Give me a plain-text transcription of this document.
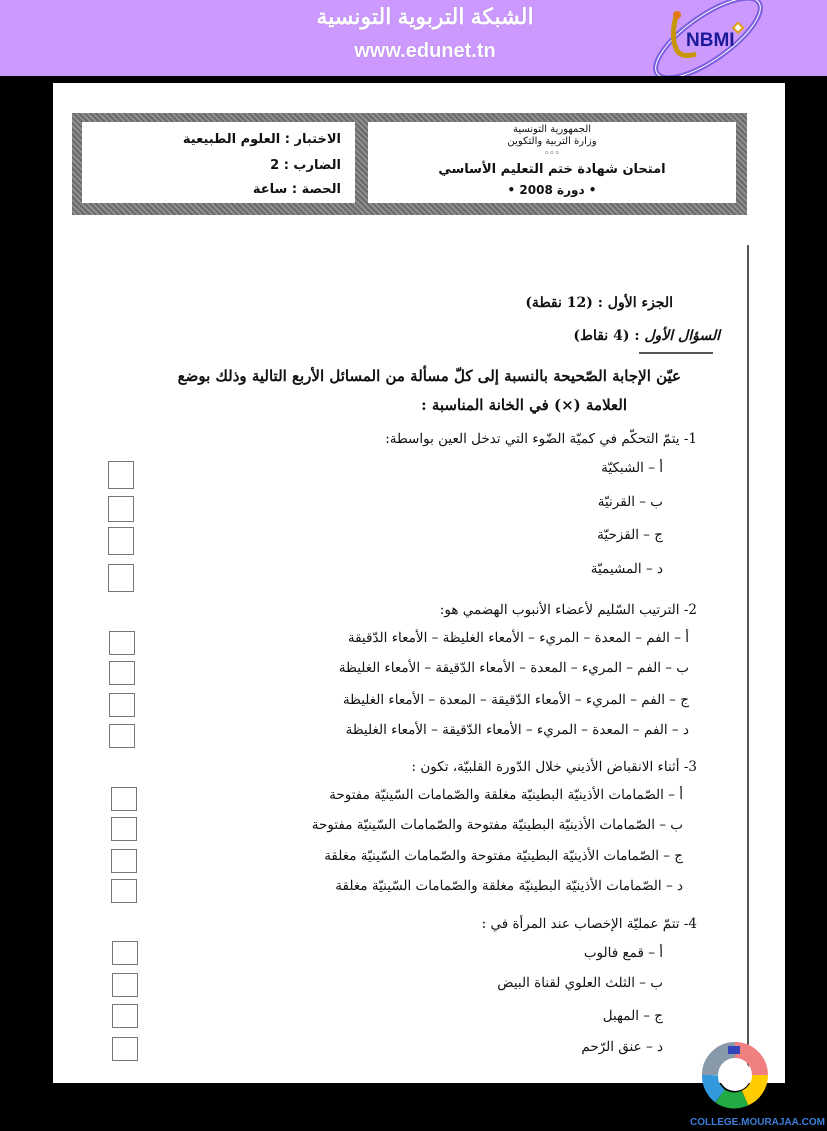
الشبكة التربوية التونسية
www.edunet.tn	NBMI
الاختبار : العلوم الطبيعية
الضارب : 2
الحصة : ساعة
الجمهورية التونسية
وزارة التربية والتكوين
◦◦◦
امتحان شهادة ختم التعليم الأساسي
• دورة 2008 •
الجزء الأول : (12 نقطة)
السؤال الأول : (4 نقاط)
عيّن الإجابة الصّحيحة بالنسبة إلى كلّ مسألة من المسائل الأربع التالية وذلك بوضع
العلامة (×) في الخانة المناسبة :
1- يتمّ التحكّم في كميّة الضّوء التي تدخل العين بواسطة:
أ – الشبكيّة
ب – القرنيّة
ج – القزحيّة
د – المشيميّة
2- الترتيب السّليم لأعضاء الأنبوب الهضمي هو:
أ – الفم – المعدة – المريء – الأمعاء الغليظة – الأمعاء الدّقيقة
ب – الفم – المريء – المعدة – الأمعاء الدّقيقة – الأمعاء الغليظة
ج – الفم – المريء – الأمعاء الدّقيقة – المعدة – الأمعاء الغليظة
د – الفم – المعدة – المريء – الأمعاء الدّقيقة – الأمعاء الغليظة
3- أثناء الانقباض الأذيني خلال الدّورة القلبيّة، تكون :
أ – الصّمامات الأذينيّة البطينيّة مغلقة والصّمامات السّينيّة مفتوحة
ب – الصّمامات الأذينيّة البطينيّة مفتوحة والصّمامات السّينيّة مفتوحة
ج – الصّمامات الأذينيّة البطينيّة مفتوحة والصّمامات السّينيّة مغلقة
د – الصّمامات الأذينيّة البطينيّة مغلقة والصّمامات السّينيّة مغلقة
4- تتمّ عمليّة الإخصاب عند المرأة في :
أ – قمع فالوب
ب – الثلث العلوي لقناة البيض
ج – المهبل
د – عنق الرّحم
COLLEGE.MOURAJAA.COM
